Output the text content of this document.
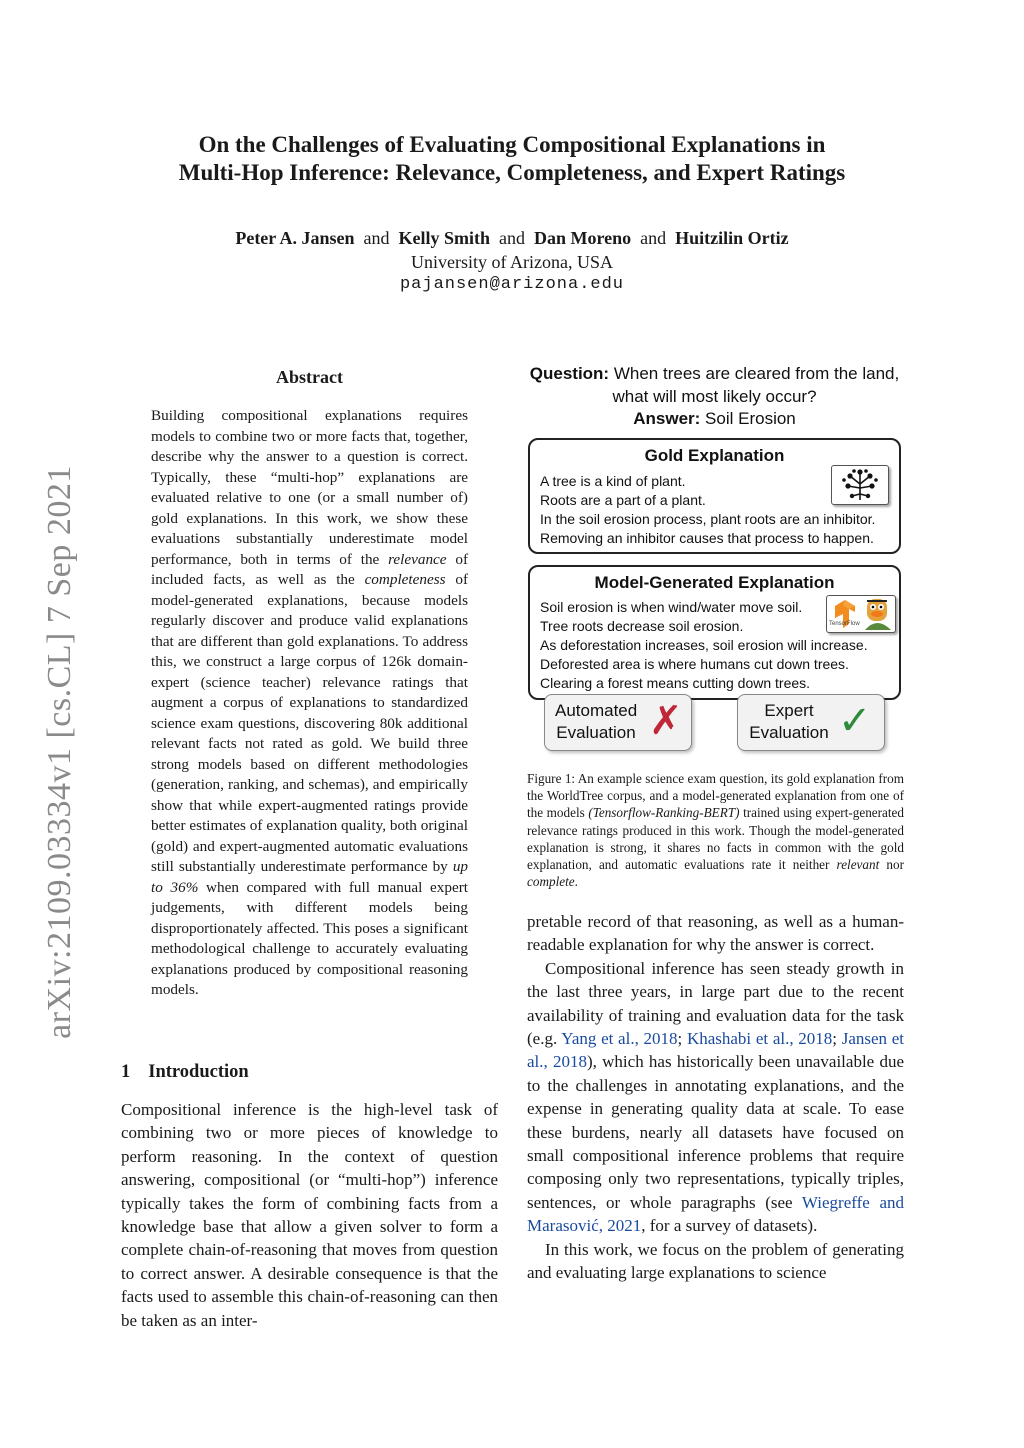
On the Challenges of Evaluating Compositional Explanations in
Multi-Hop Inference: Relevance, Completeness, and Expert Ratings
Peter A. Jansen and Kelly Smith and Dan Moreno and Huitzilin Ortiz
University of Arizona, USA
pajansen@arizona.edu
arXiv:2109.03334v1 [cs.CL] 7 Sep 2021
Abstract
Building compositional explanations requires models to combine two or more facts that, together, describe why the answer to a question is correct. Typically, these “multi-hop” explanations are evaluated relative to one (or a small number of) gold explanations. In this work, we show these evaluations substantially underestimate model performance, both in terms of the relevance of included facts, as well as the completeness of model-generated explanations, because models regularly discover and produce valid explanations that are different than gold explanations. To address this, we construct a large corpus of 126k domain-expert (science teacher) relevance ratings that augment a corpus of explanations to standardized science exam questions, discovering 80k additional relevant facts not rated as gold. We build three strong models based on different methodologies (generation, ranking, and schemas), and empirically show that while expert-augmented ratings provide better estimates of explanation quality, both original (gold) and expert-augmented automatic evaluations still substantially underestimate performance by up to 36% when compared with full manual expert judgements, with different models being disproportionately affected. This poses a significant methodological challenge to accurately evaluating explanations produced by compositional reasoning models.
1 Introduction
Compositional inference is the high-level task of combining two or more pieces of knowledge to perform reasoning. In the context of question answering, compositional (or “multi-hop”) inference typically takes the form of combining facts from a knowledge base that allow a given solver to form a complete chain-of-reasoning that moves from question to correct answer. A desirable consequence is that the facts used to assemble this chain-of-reasoning can then be taken as an inter-
Question: When trees are cleared from the land,
what will most likely occur?
Answer: Soil Erosion
Gold Explanation
A tree is a kind of plant.
Roots are a part of a plant.
In the soil erosion process, plant roots are an inhibitor.
Removing an inhibitor causes that process to happen.
Model-Generated Explanation
Soil erosion is when wind/water move soil.
Tree roots decrease soil erosion.
As deforestation increases, soil erosion will increase.
Deforested area is where humans cut down trees.
Clearing a forest means cutting down trees.
TensorFlow
Automated
Evaluation ✗	Expert
Evaluation ✓
Figure 1: An example science exam question, its gold explanation from the WorldTree corpus, and a model-generated explanation from one of the models (Tensorflow-Ranking-BERT) trained using expert-generated relevance ratings produced in this work. Though the model-generated explanation is strong, it shares no facts in common with the gold explanation, and automatic evaluations rate it neither relevant nor complete.

pretable record of that reasoning, as well as a human-readable explanation for why the answer is correct.

Compositional inference has seen steady growth in the last three years, in large part due to the recent availability of training and evaluation data for the task (e.g. Yang et al., 2018; Khashabi et al., 2018; Jansen et al., 2018), which has historically been unavailable due to the challenges in annotating explanations, and the expense in generating quality data at scale. To ease these burdens, nearly all datasets have focused on small compositional inference problems that require composing only two representations, typically triples, sentences, or whole paragraphs (see Wiegreffe and Marasović, 2021, for a survey of datasets).

In this work, we focus on the problem of generating and evaluating large explanations to science
